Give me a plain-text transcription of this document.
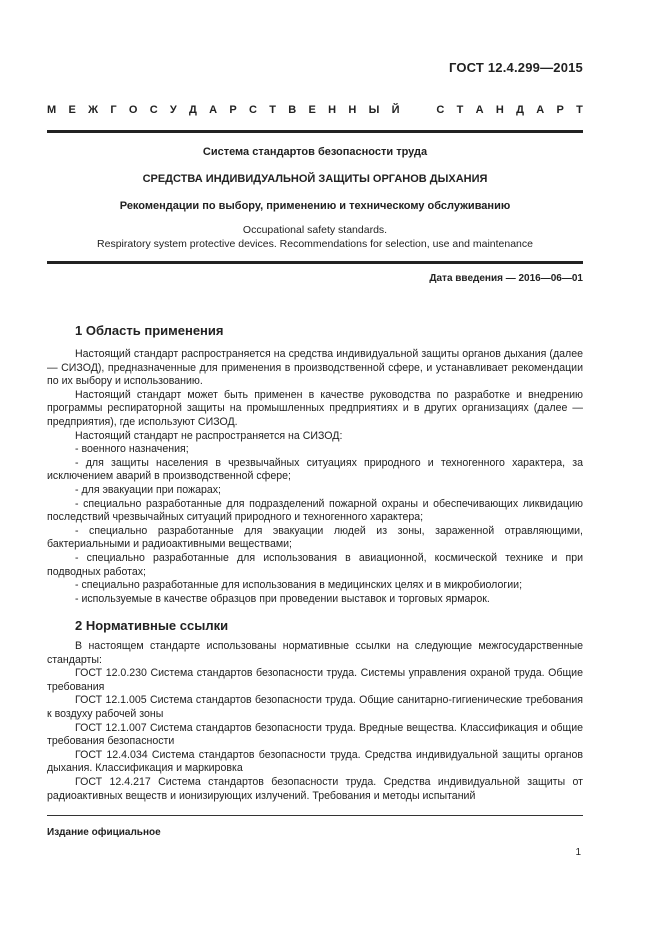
ГОСТ 12.4.299—2015
М Е Ж Г О С У Д А Р С Т В Е Н Н Ы Й	С Т А Н Д А Р Т
Система стандартов безопасности труда
СРЕДСТВА ИНДИВИДУАЛЬНОЙ ЗАЩИТЫ ОРГАНОВ ДЫХАНИЯ
Рекомендации по выбору, применению и техническому обслуживанию
Occupational safety standards.
Respiratory system protective devices. Recommendations for selection, use and maintenance
Дата введения — 2016—06—01
1 Область применения

Настоящий стандарт распространяется на средства индивидуальной защиты органов дыхания (далее — СИЗОД), предназначенные для применения в производственной сфере, и устанавливает рекомендации по их выбору и использованию.

Настоящий стандарт может быть применен в качестве руководства по разработке и внедрению программы респираторной защиты на промышленных предприятиях и в других организациях (далее — предприятия), где используют СИЗОД.

Настоящий стандарт не распространяется на СИЗОД:

- военного назначения;

- для защиты населения в чрезвычайных ситуациях природного и техногенного характера, за исключением аварий в производственной сфере;

- для эвакуации при пожарах;

- специально разработанные для подразделений пожарной охраны и обеспечивающих ликвидацию последствий чрезвычайных ситуаций природного и техногенного характера;

- специально разработанные для эвакуации людей из зоны, зараженной отравляющими, бактериальными и радиоактивными веществами;

- специально разработанные для использования в авиационной, космической технике и при подводных работах;

- специально разработанные для использования в медицинских целях и в микробиологии;

- используемые в качестве образцов при проведении выставок и торговых ярмарок.

2 Нормативные ссылки

В настоящем стандарте использованы нормативные ссылки на следующие межгосударственные стандарты:

ГОСТ 12.0.230 Система стандартов безопасности труда. Системы управления охраной труда. Общие требования

ГОСТ 12.1.005 Система стандартов безопасности труда. Общие санитарно-гигиенические требования к воздуху рабочей зоны

ГОСТ 12.1.007 Система стандартов безопасности труда. Вредные вещества. Классификация и общие требования безопасности

ГОСТ 12.4.034 Система стандартов безопасности труда. Средства индивидуальной защиты органов дыхания. Классификация и маркировка

ГОСТ 12.4.217 Система стандартов безопасности труда. Средства индивидуальной защиты от радиоактивных веществ и ионизирующих излучений. Требования и методы испытаний

Издание официальное
1
